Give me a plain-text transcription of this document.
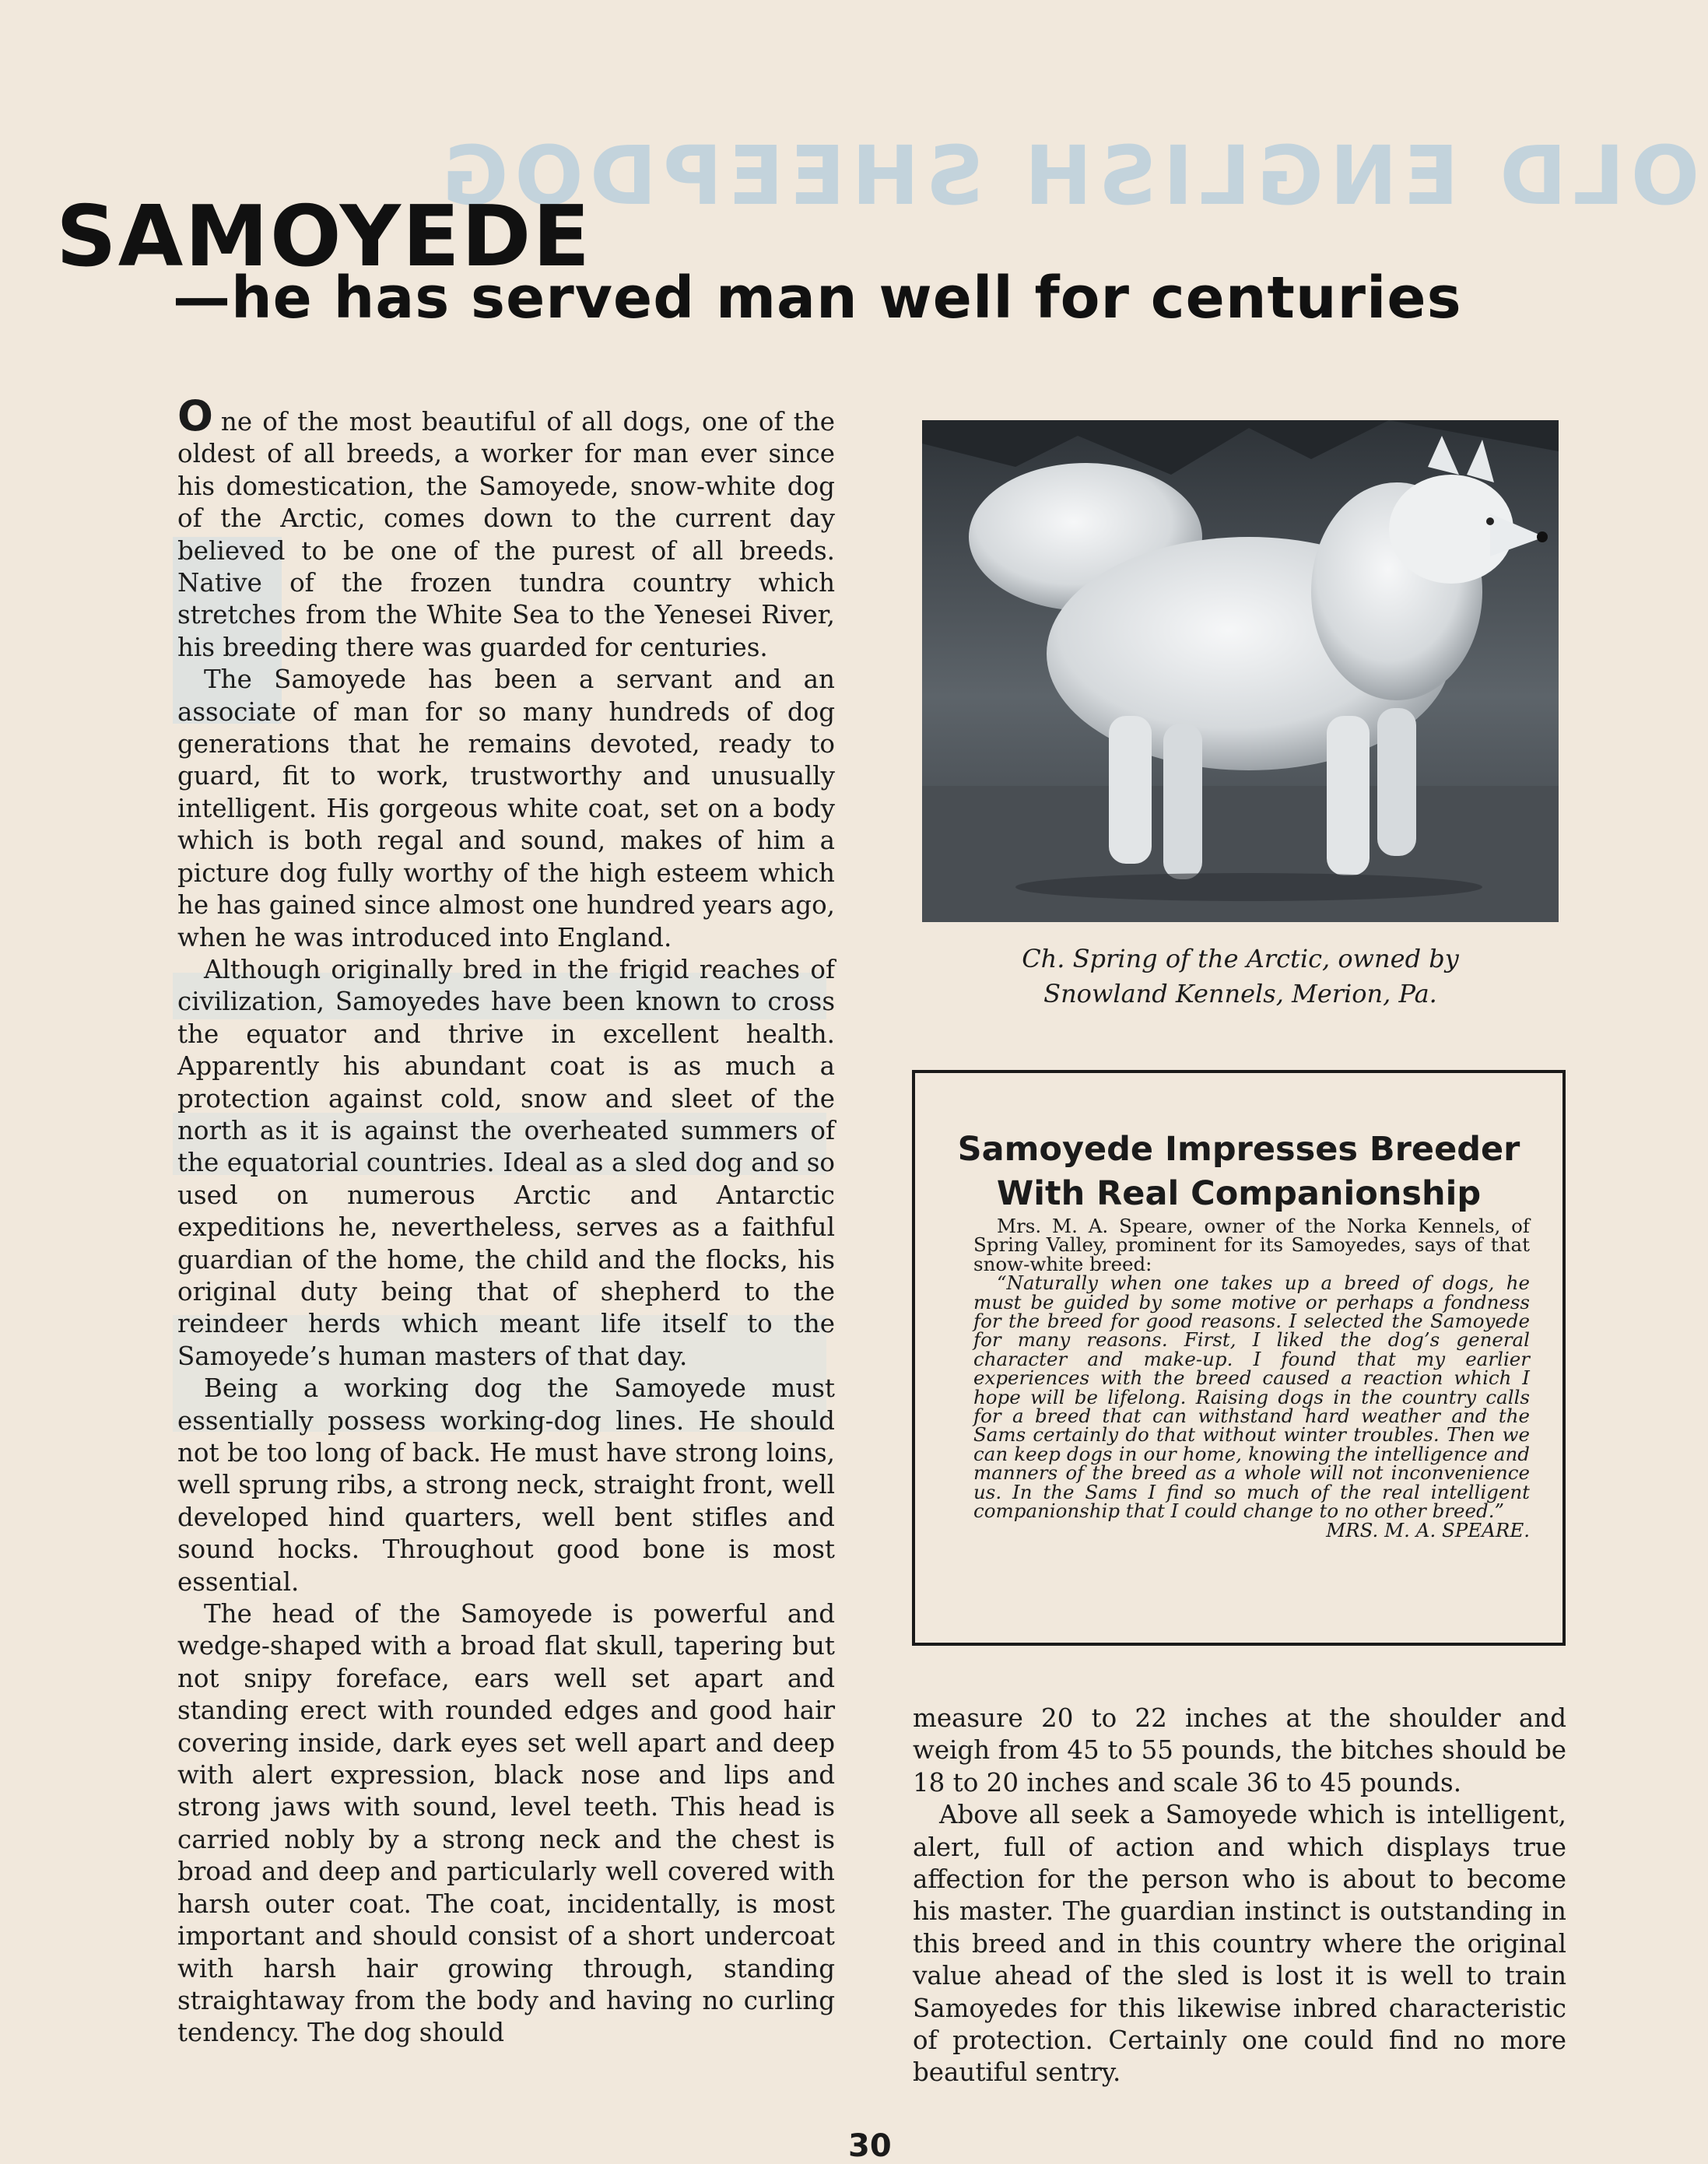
OLD ENGLISH SHEEPDOG
SAMOYEDE
—he has served man well for centuries

One of the most beautiful of all dogs, one of the oldest of all breeds, a worker for man ever since his domestication, the Samoyede, snow-white dog of the Arctic, comes down to the current day believed to be one of the purest of all breeds. Native of the frozen tundra country which stretches from the White Sea to the Yenesei River, his breeding there was guarded for centuries.

The Samoyede has been a servant and an associate of man for so many hundreds of dog generations that he remains devoted, ready to guard, fit to work, trustworthy and unusually intelligent. His gorgeous white coat, set on a body which is both regal and sound, makes of him a picture dog fully worthy of the high esteem which he has gained since almost one hundred years ago, when he was introduced into England.

Although originally bred in the frigid reaches of civilization, Samoyedes have been known to cross the equator and thrive in excellent health. Apparently his abundant coat is as much a protection against cold, snow and sleet of the north as it is against the overheated summers of the equatorial countries. Ideal as a sled dog and so used on numerous Arctic and Antarctic expeditions he, nevertheless, serves as a faithful guardian of the home, the child and the flocks, his original duty being that of shepherd to the reindeer herds which meant life itself to the Samoyede’s human masters of that day.

Being a working dog the Samoyede must essentially possess working-dog lines. He should not be too long of back. He must have strong loins, well sprung ribs, a strong neck, straight front, well developed hind quarters, well bent stifles and sound hocks. Throughout good bone is most essential.

The head of the Samoyede is powerful and wedge-shaped with a broad flat skull, tapering but not snipy foreface, ears well set apart and standing erect with rounded edges and good hair covering inside, dark eyes set well apart and deep with alert expression, black nose and lips and strong jaws with sound, level teeth. This head is carried nobly by a strong neck and the chest is broad and deep and particularly well covered with harsh outer coat. The coat, incidentally, is most important and should consist of a short undercoat with harsh hair growing through, standing straightaway from the body and having no curling tendency. The dog should

Ch. Spring of the Arctic, owned by
Snowland Kennels, Merion, Pa.
Samoyede Impresses Breeder
With Real Companionship

Mrs. M. A. Speare, owner of the Norka Kennels, of Spring Valley, prominent for its Samoyedes, says of that snow-white breed:

“Naturally when one takes up a breed of dogs, he must be guided by some motive or perhaps a fondness for the breed for good reasons. I selected the Samoyede for many reasons. First, I liked the dog’s general character and make-up. I found that my earlier experiences with the breed caused a reaction which I hope will be lifelong. Raising dogs in the country calls for a breed that can withstand hard weather and the Sams certainly do that without winter troubles. Then we can keep dogs in our home, knowing the intelligence and manners of the breed as a whole will not inconvenience us. In the Sams I find so much of the real intelligent companionship that I could change to no other breed.”

MRS. M. A. SPEARE.

measure 20 to 22 inches at the shoulder and weigh from 45 to 55 pounds, the bitches should be 18 to 20 inches and scale 36 to 45 pounds.

Above all seek a Samoyede which is intelligent, alert, full of action and which displays true affection for the person who is about to become his master. The guardian instinct is outstanding in this breed and in this country where the original value ahead of the sled is lost it is well to train Samoyedes for this likewise inbred characteristic of protection. Certainly one could find no more beautiful sentry.

30
